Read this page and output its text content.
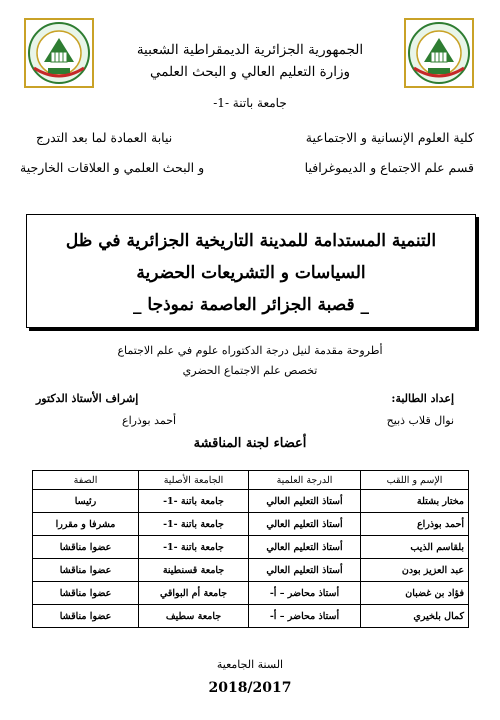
الجمهورية الجزائرية الديمقراطية الشعبية
وزارة التعليم العالي و البحث العلمي
جامعة باتنة -1-
كلية العلوم الإنسانية و الاجتماعية
نيابة العمادة لما بعد التدرج
قسم علم الاجتماع و الديموغرافيا
و البحث العلمي و العلاقات الخارجية
التنمية المستدامة للمدينة التاريخية الجزائرية في ظل
السياسات و التشريعات الحضرية
_ قصبة الجزائر العاصمة نموذجا _
أطروحة مقدمة لنيل درجة الدكتوراه علوم في علم الاجتماع
تخصص علم الاجتماع الحضري
إعداد الطالبة:
نوال قلاب ذبيح
إشراف الأستاذ الدكتور
أحمد بوذراع
أعضاء لجنة المناقشة
الإسم و اللقب	الدرجة العلمية	الجامعة الأصلية	الصفة
مختار بشتلة	أستاذ التعليم العالي	جامعة باتنة -1-	رئيسا
أحمد بوذراع	أستاذ التعليم العالي	جامعة باتنة -1-	مشرفا و مقررا
بلقاسم الذيب	أستاذ التعليم العالي	جامعة باتنة -1-	عضوا مناقشا
عبد العزيز بودن	أستاذ التعليم العالي	جامعة قسنطينة	عضوا مناقشا
فؤاد بن غضبان	أستاذ محاضر – أ-	جامعة أم البواقي	عضوا مناقشا
كمال بلخيري	أستاذ محاضر – أ-	جامعة سطيف	عضوا مناقشا
السنة الجامعية
2018/2017
